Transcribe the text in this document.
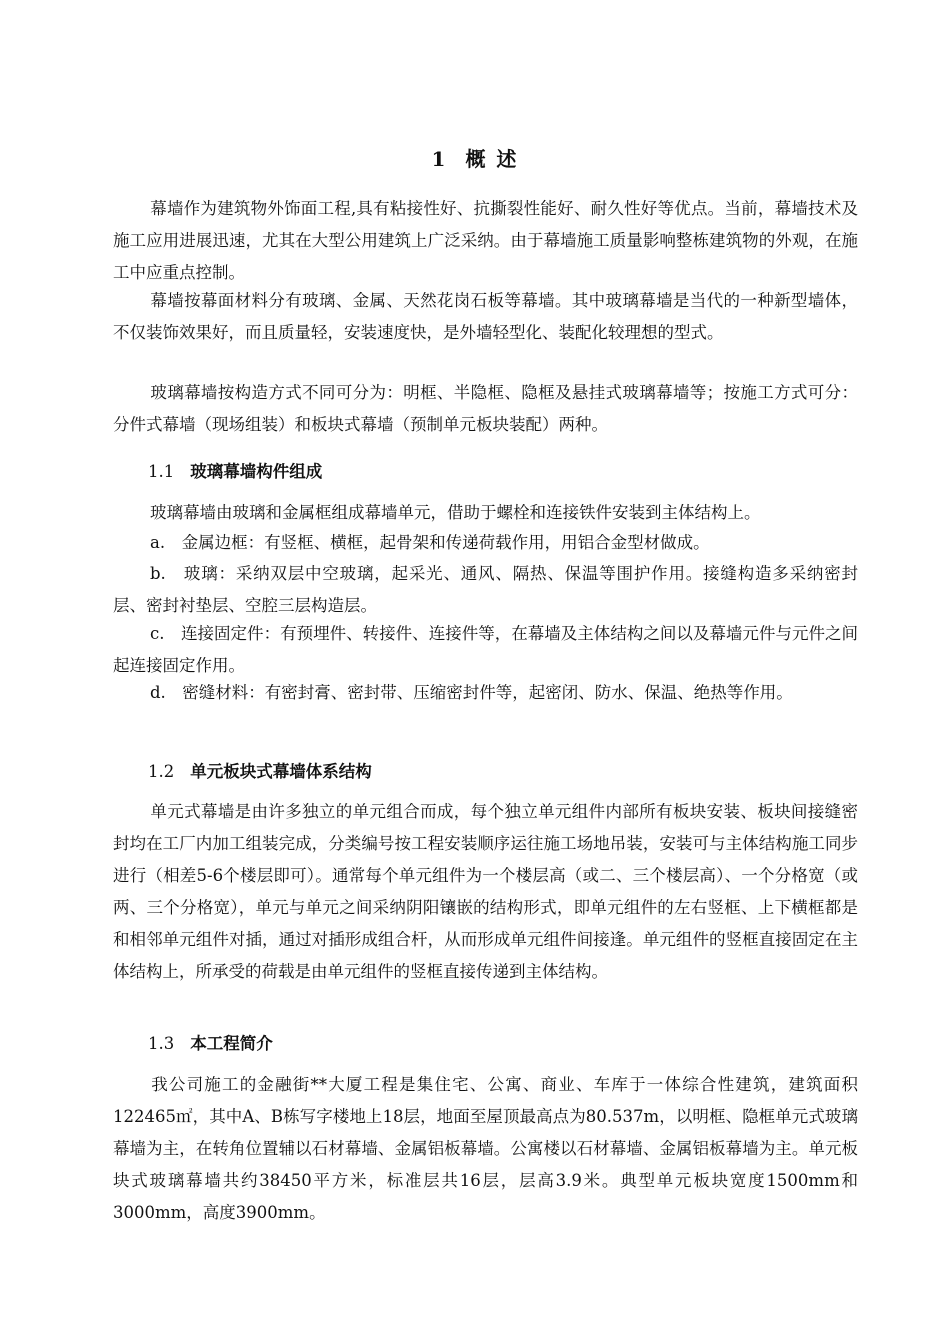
1 概 述
幕墙作为建筑物外饰面工程,具有粘接性好、抗撕裂性能好、耐久性好等优点。当前，幕墙技术及施工应用进展迅速，尤其在大型公用建筑上广泛采纳。由于幕墙施工质量影响整栋建筑物的外观，在施工中应重点控制。
幕墙按幕面材料分有玻璃、金属、天然花岗石板等幕墙。其中玻璃幕墙是当代的一种新型墙体，不仅装饰效果好，而且质量轻，安装速度快，是外墙轻型化、装配化较理想的型式。
玻璃幕墙按构造方式不同可分为：明框、半隐框、隐框及悬挂式玻璃幕墙等；按施工方式可分：分件式幕墙（现场组装）和板块式幕墙（预制单元板块装配）两种。
1.1 玻璃幕墙构件组成
玻璃幕墙由玻璃和金属框组成幕墙单元，借助于螺栓和连接铁件安装到主体结构上。
a.　金属边框：有竖框、横框，起骨架和传递荷载作用，用铝合金型材做成。
b.　玻璃：采纳双层中空玻璃，起采光、通风、隔热、保温等围护作用。接缝构造多采纳密封层、密封衬垫层、空腔三层构造层。
c.　连接固定件：有预埋件、转接件、连接件等，在幕墙及主体结构之间以及幕墙元件与元件之间起连接固定作用。
d.　密缝材料：有密封膏、密封带、压缩密封件等，起密闭、防水、保温、绝热等作用。
1.2 单元板块式幕墙体系结构
单元式幕墙是由许多独立的单元组合而成，每个独立单元组件内部所有板块安装、板块间接缝密封均在工厂内加工组装完成，分类编号按工程安装顺序运往施工场地吊装，安装可与主体结构施工同步进行（相差5-6个楼层即可）。通常每个单元组件为一个楼层高（或二、三个楼层高）、一个分格宽（或两、三个分格宽），单元与单元之间采纳阴阳镶嵌的结构形式，即单元组件的左右竖框、上下横框都是和相邻单元组件对插，通过对插形成组合杆，从而形成单元组件间接逢。单元组件的竖框直接固定在主体结构上，所承受的荷载是由单元组件的竖框直接传递到主体结构。
1.3 本工程简介
我公司施工的金融街**大厦工程是集住宅、公寓、商业、车库于一体综合性建筑，建筑面积122465㎡，其中A、B栋写字楼地上18层，地面至屋顶最高点为80.537m，以明框、隐框单元式玻璃幕墙为主，在转角位置辅以石材幕墙、金属铝板幕墙。公寓楼以石材幕墙、金属铝板幕墙为主。单元板块式玻璃幕墙共约38450平方米，标准层共16层，层高3.9米。典型单元板块宽度1500mm和3000mm，高度3900mm。
